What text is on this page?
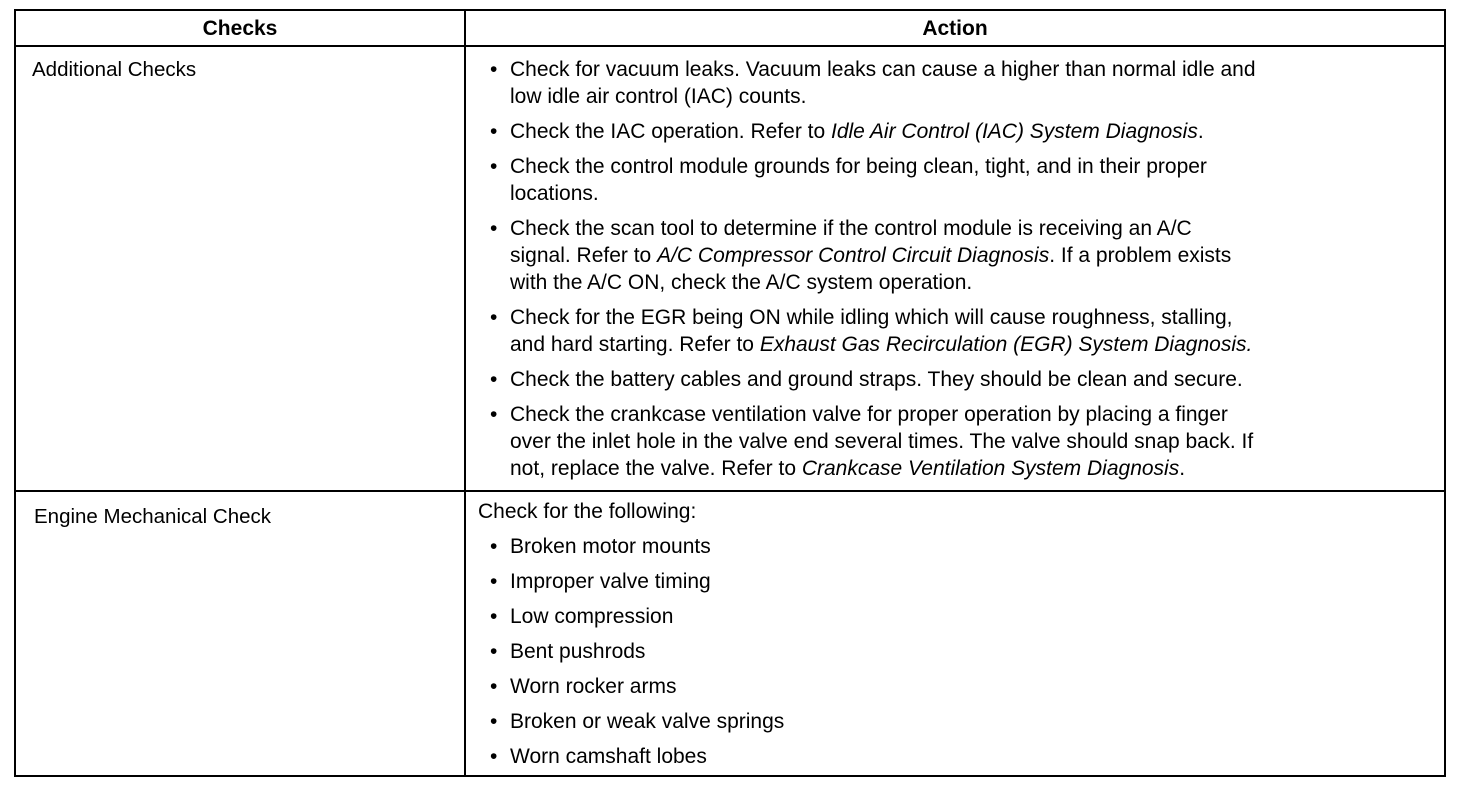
Checks	Action
Additional Checks	• Check for vacuum leaks. Vacuum leaks can cause a higher than normal idle and
low idle air control (IAC) counts.
• Check the IAC operation. Refer to Idle Air Control (IAC) System Diagnosis.
• Check the control module grounds for being clean, tight, and in their proper
locations.
• Check the scan tool to determine if the control module is receiving an A/C
signal. Refer to A/C Compressor Control Circuit Diagnosis. If a problem exists
with the A/C ON, check the A/C system operation.
• Check for the EGR being ON while idling which will cause roughness, stalling,
and hard starting. Refer to Exhaust Gas Recirculation (EGR) System Diagnosis.
• Check the battery cables and ground straps. They should be clean and secure.
• Check the crankcase ventilation valve for proper operation by placing a finger
over the inlet hole in the valve end several times. The valve should snap back. If
not, replace the valve. Refer to Crankcase Ventilation System Diagnosis.
Engine Mechanical Check	Check for the following:
• Broken motor mounts
• Improper valve timing
• Low compression
• Bent pushrods
• Worn rocker arms
• Broken or weak valve springs
• Worn camshaft lobes
